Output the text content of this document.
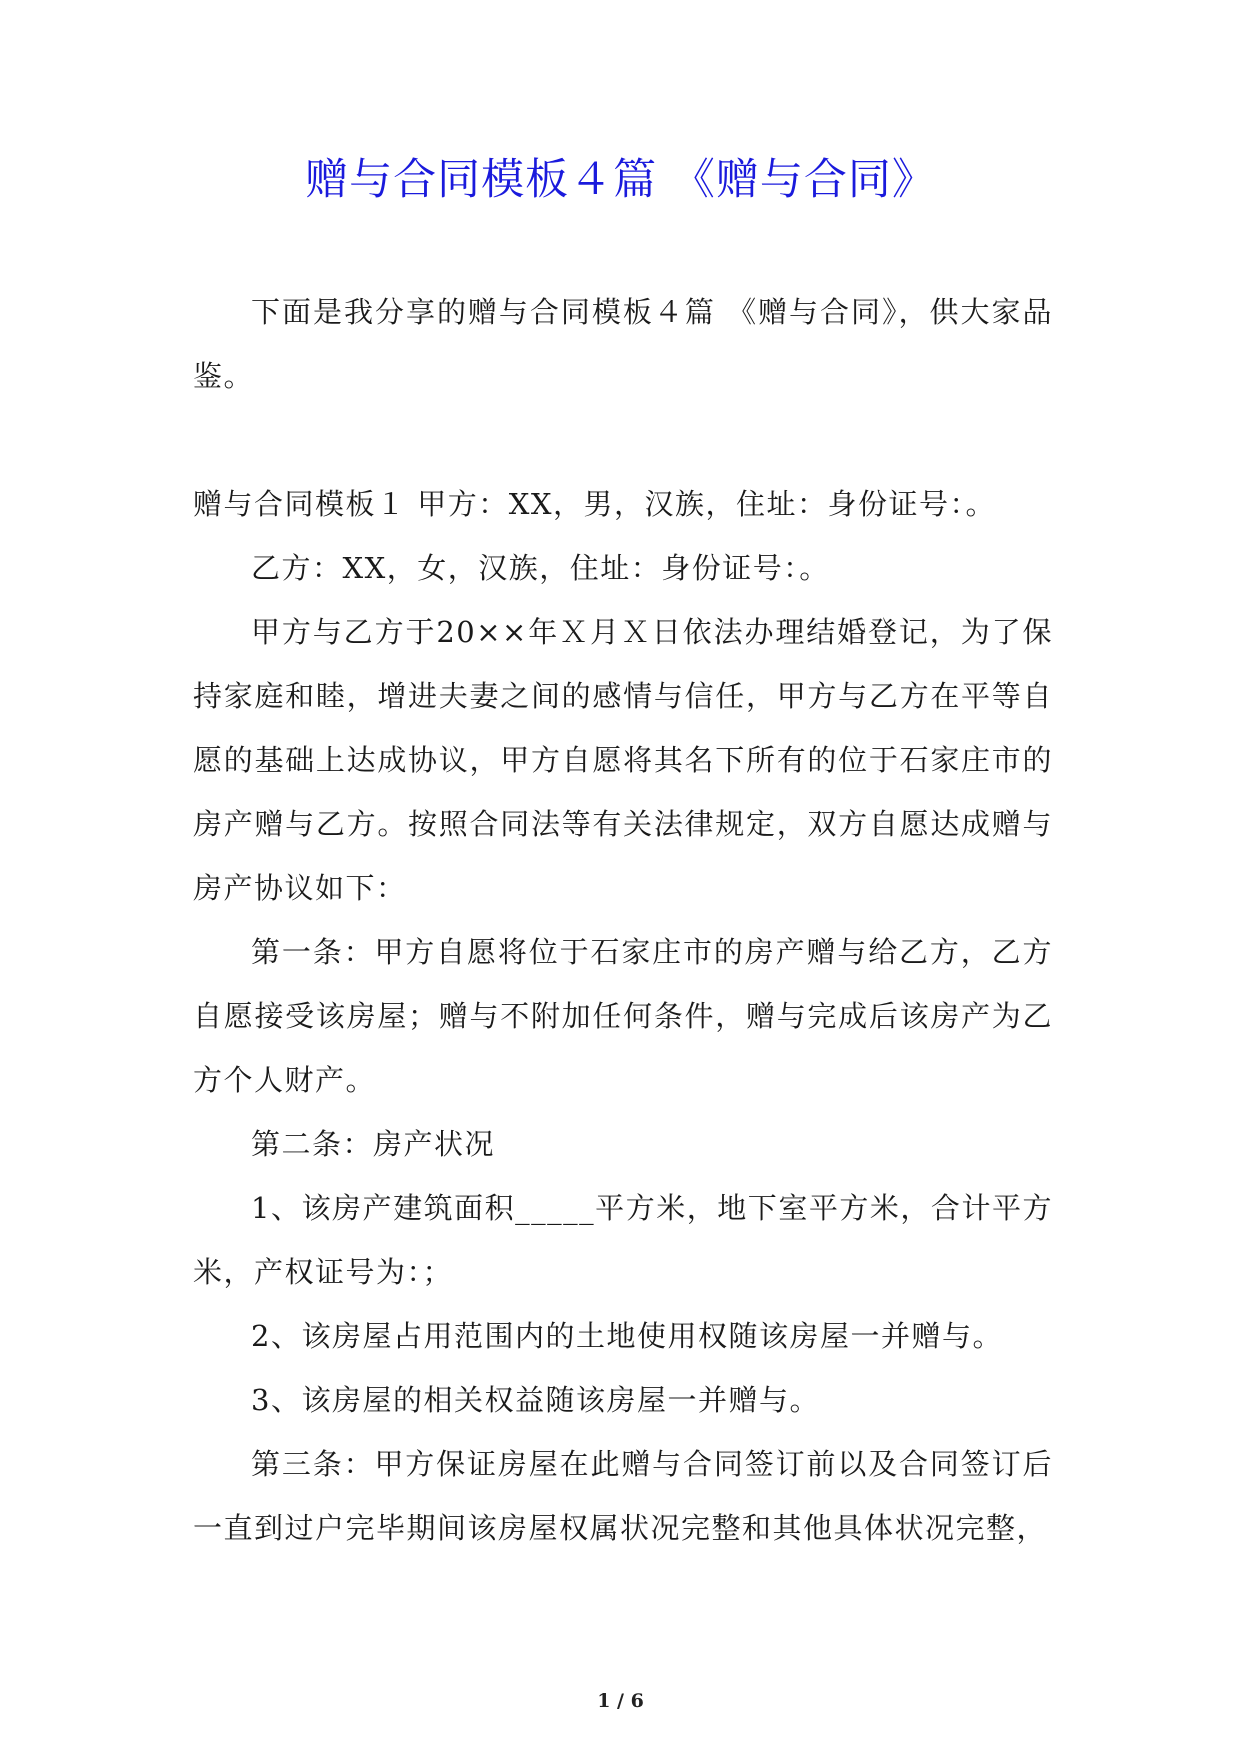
赠与合同模板４篇 《赠与合同》

下面是我分享的赠与合同模板４篇 《赠与合同》，供大家品鉴。

赠与合同模板１ 甲方：XX，男，汉族，住址：身份证号：。

乙方：XX，女，汉族，住址：身份证号：。

甲方与乙方于20××年Ｘ月Ｘ日依法办理结婚登记，为了保持家庭和睦，增进夫妻之间的感情与信任，甲方与乙方在平等自愿的基础上达成协议，甲方自愿将其名下所有的位于石家庄市的房产赠与乙方。按照合同法等有关法律规定，双方自愿达成赠与房产协议如下：

第一条：甲方自愿将位于石家庄市的房产赠与给乙方，乙方自愿接受该房屋；赠与不附加任何条件，赠与完成后该房产为乙方个人财产。

第二条：房产状况

1、该房产建筑面积_____平方米，地下室平方米，合计平方米，产权证号为：；

2、该房屋占用范围内的土地使用权随该房屋一并赠与。

3、该房屋的相关权益随该房屋一并赠与。

第三条：甲方保证房屋在此赠与合同签订前以及合同签订后一直到过户完毕期间该房屋权属状况完整和其他具体状况完整，

1 / 6
